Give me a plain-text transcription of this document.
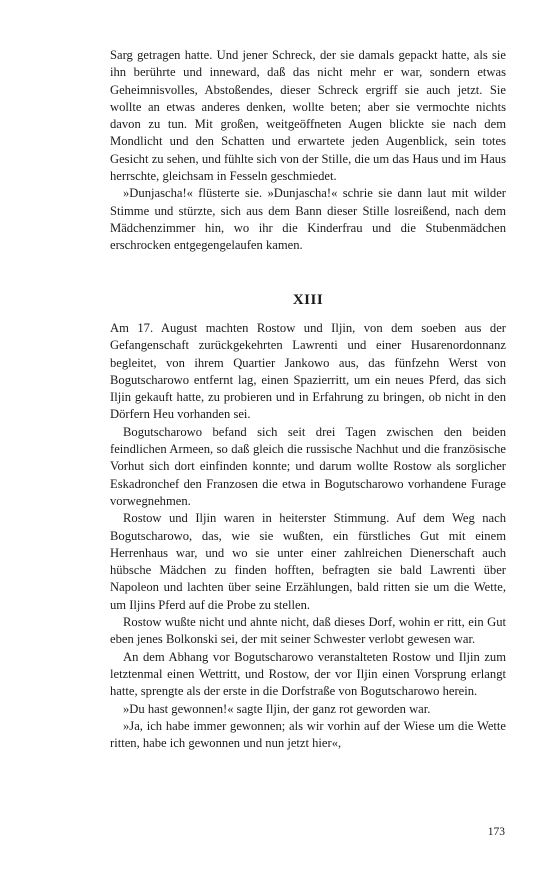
Sarg getragen hatte. Und jener Schreck, der sie damals gepackt hatte, als sie ihn berührte und inneward, daß das nicht mehr er war, sondern etwas Geheimnisvolles, Abstoßendes, dieser Schreck ergriff sie auch jetzt. Sie wollte an etwas anderes denken, wollte beten; aber sie vermochte nichts davon zu tun. Mit großen, weitgeöffneten Augen blickte sie nach dem Mondlicht und den Schatten und erwartete jeden Augenblick, sein totes Gesicht zu sehen, und fühlte sich von der Stille, die um das Haus und im Haus herrschte, gleichsam in Fesseln geschmiedet.

»Dunjascha!« flüsterte sie. »Dunjascha!« schrie sie dann laut mit wilder Stimme und stürzte, sich aus dem Bann dieser Stille losreißend, nach dem Mädchenzimmer hin, wo ihr die Kinderfrau und die Stubenmädchen erschrocken entgegengelaufen kamen.

XIII

Am 17. August machten Rostow und Iljin, von dem soeben aus der Gefangenschaft zurückgekehrten Lawrenti und einer Husarenordonnanz begleitet, von ihrem Quartier Jankowo aus, das fünfzehn Werst von Bogutscharowo entfernt lag, einen Spazierritt, um ein neues Pferd, das sich Iljin gekauft hatte, zu probieren und in Erfahrung zu bringen, ob nicht in den Dörfern Heu vorhanden sei.

Bogutscharowo befand sich seit drei Tagen zwischen den beiden feindlichen Armeen, so daß gleich die russische Nachhut und die französische Vorhut sich dort einfinden konnte; und darum wollte Rostow als sorglicher Eskadronchef den Franzosen die etwa in Bogutscharowo vorhandene Furage vorwegnehmen.

Rostow und Iljin waren in heiterster Stimmung. Auf dem Weg nach Bogutscharowo, das, wie sie wußten, ein fürstliches Gut mit einem Herrenhaus war, und wo sie unter einer zahlreichen Dienerschaft auch hübsche Mädchen zu finden hofften, befragten sie bald Lawrenti über Napoleon und lachten über seine Erzählungen, bald ritten sie um die Wette, um Iljins Pferd auf die Probe zu stellen.

Rostow wußte nicht und ahnte nicht, daß dieses Dorf, wohin er ritt, ein Gut eben jenes Bolkonski sei, der mit seiner Schwester verlobt gewesen war.

An dem Abhang vor Bogutscharowo veranstalteten Rostow und Iljin zum letztenmal einen Wettritt, und Rostow, der vor Iljin einen Vorsprung erlangt hatte, sprengte als der erste in die Dorfstraße von Bogutscharowo herein.

»Du hast gewonnen!« sagte Iljin, der ganz rot geworden war.

»Ja, ich habe immer gewonnen; als wir vorhin auf der Wiese um die Wette ritten, habe ich gewonnen und nun jetzt hier«,

173
